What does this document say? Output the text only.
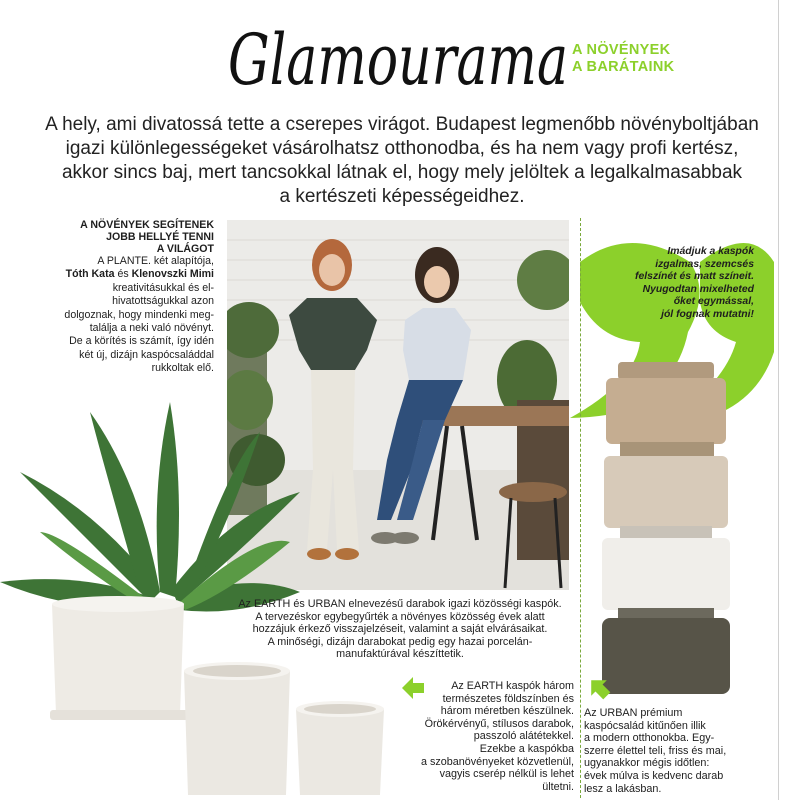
Glamourama A NÖVÉNYEK
A BARÁTAINK
A hely, ami divatossá tette a cserepes virágot. Budapest legmenőbb növényboltjában
igazi különlegességeket vásárolhatsz otthonodba, és ha nem vagy profi kertész,
akkor sincs baj, mert tancsokkal látnak el, hogy mely jelöltek a legalkalmasabbak
a kertészeti képességeidhez.
A NÖVÉNYEK SEGÍTENEK
JOBB HELLYÉ TENNI
A VILÁGOT
A PLANTE. két alapítója,
Tóth Kata és Klenovszki Mimi
kreativitásukkal és el-
hivatottságukkal azon
dolgoznak, hogy mindenki meg-
találja a neki való növényt.
De a körítés is számít, így idén
két új, dizájn kaspócsaláddal
rukkoltak elő.
Imádjuk a kaspók
izgalmas, szemcsés
felszínét és matt színeit.
Nyugodtan mixelheted
őket egymással,
jól fognak mutatni!
Az EARTH és URBAN elnevezésű darabok igazi közösségi kaspók.
A tervezéskor egybegyűrték a növényes közösség évek alatt
hozzájuk érkező visszajelzéseit, valamint a saját elvárásaikat.
A minőségi, dizájn darabokat pedig egy hazai porcelán-
manufaktúrával készíttetik.
Az EARTH kaspók három
természetes földszínben és
három méretben készülnek.
Örökérvényű, stílusos darabok,
passzoló alátétekkel.
Ezekbe a kaspókba
a szobanövényeket közvetlenül,
vagyis cserép nélkül is lehet
ültetni.
Az URBAN prémium
kaspócsalád kitűnően illik
a modern otthonokba. Egy-
szerre élettel teli, friss és mai,
ugyanakkor mégis időtlen:
évek múlva is kedvenc darab
lesz a lakásban.
